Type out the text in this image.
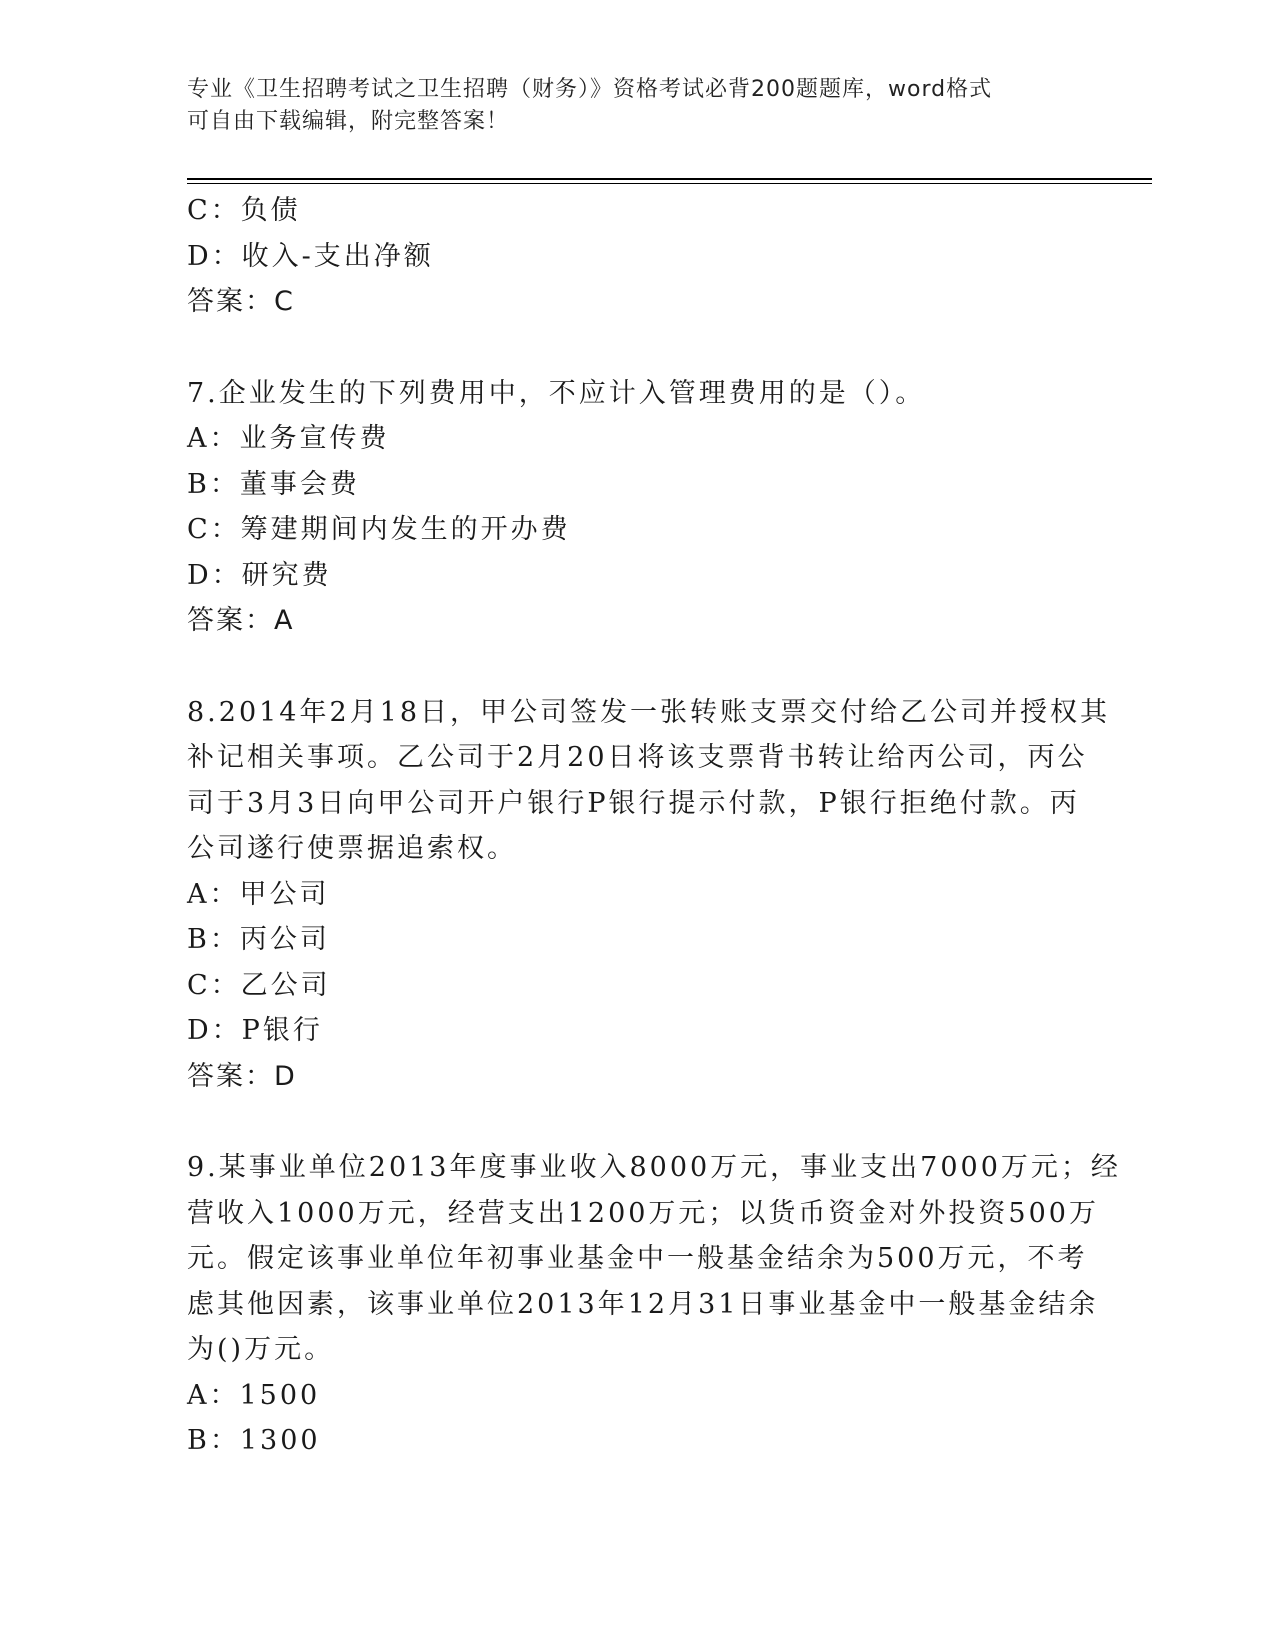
专业《卫生招聘考试之卫生招聘（财务）》资格考试必背200题题库，word格式
可自由下载编辑，附完整答案！
C：负债
D：收入-支出净额
答案：C
7.企业发生的下列费用中，不应计入管理费用的是（）。
A：业务宣传费
B：董事会费
C：筹建期间内发生的开办费
D：研究费
答案：A
8.2014年2月18日，甲公司签发一张转账支票交付给乙公司并授权其
补记相关事项。乙公司于2月20日将该支票背书转让给丙公司，丙公
司于3月3日向甲公司开户银行P银行提示付款，P银行拒绝付款。丙
公司遂行使票据追索权。
A：甲公司
B：丙公司
C：乙公司
D：P银行
答案：D
9.某事业单位2013年度事业收入8000万元，事业支出7000万元；经
营收入1000万元，经营支出1200万元；以货币资金对外投资500万
元。假定该事业单位年初事业基金中一般基金结余为500万元，不考
虑其他因素，该事业单位2013年12月31日事业基金中一般基金结余
为()万元。
A：1500
B：1300
